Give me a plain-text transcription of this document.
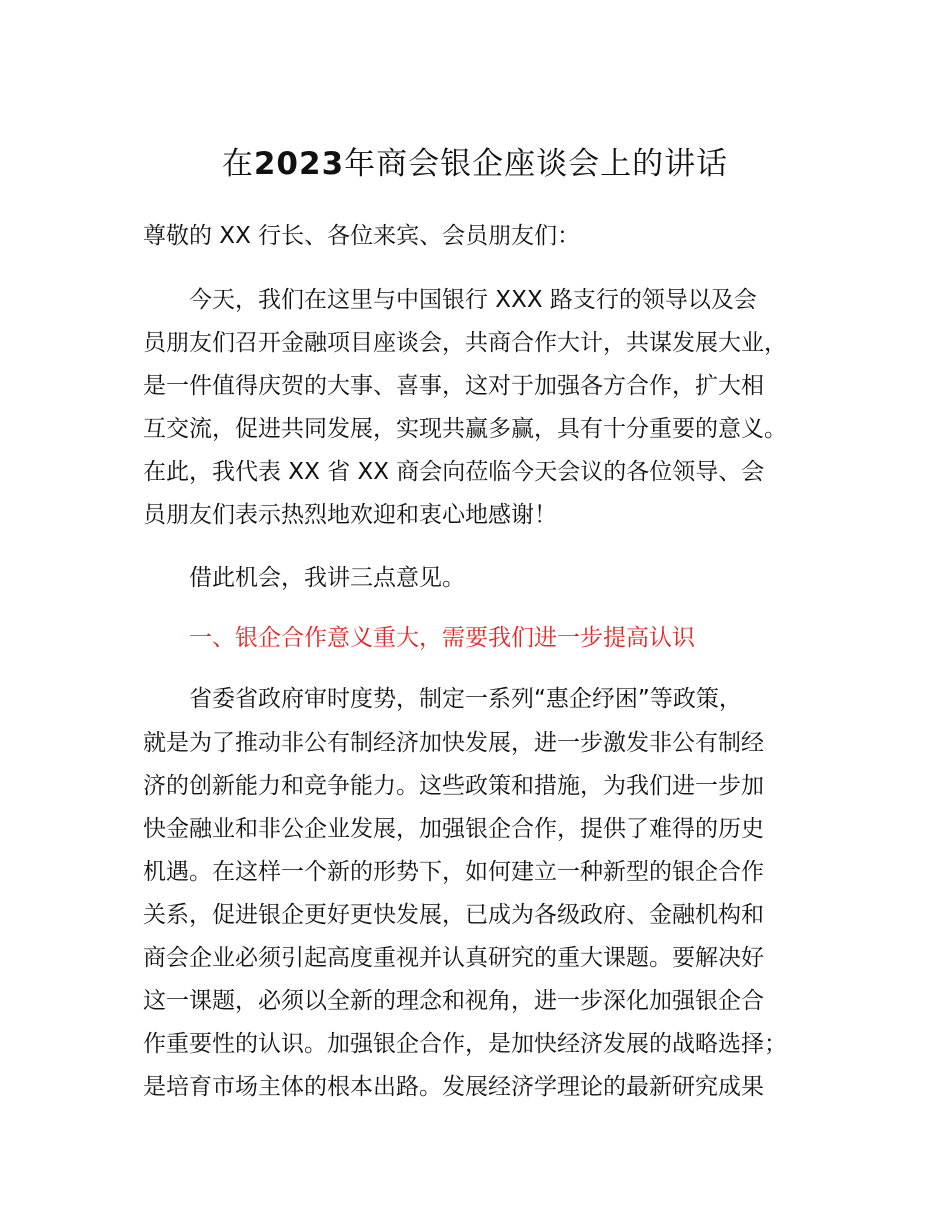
在2023年商会银企座谈会上的讲话

尊敬的 XX 行长、各位来宾、会员朋友们：

今天，我们在这里与中国银行 XXX 路支行的领导以及会

员朋友们召开金融项目座谈会，共商合作大计，共谋发展大业，

是一件值得庆贺的大事、喜事，这对于加强各方合作，扩大相

互交流，促进共同发展，实现共赢多赢，具有十分重要的意义。

在此，我代表 XX 省 XX 商会向莅临今天会议的各位领导、会

员朋友们表示热烈地欢迎和衷心地感谢！

借此机会，我讲三点意见。

一、银企合作意义重大，需要我们进一步提高认识

省委省政府审时度势，制定一系列“惠企纾困”等政策，

就是为了推动非公有制经济加快发展，进一步激发非公有制经

济的创新能力和竞争能力。这些政策和措施，为我们进一步加

快金融业和非公企业发展，加强银企合作，提供了难得的历史

机遇。在这样一个新的形势下，如何建立一种新型的银企合作

关系，促进银企更好更快发展，已成为各级政府、金融机构和

商会企业必须引起高度重视并认真研究的重大课题。要解决好

这一课题，必须以全新的理念和视角，进一步深化加强银企合

作重要性的认识。加强银企合作，是加快经济发展的战略选择；

是培育市场主体的根本出路。发展经济学理论的最新研究成果
